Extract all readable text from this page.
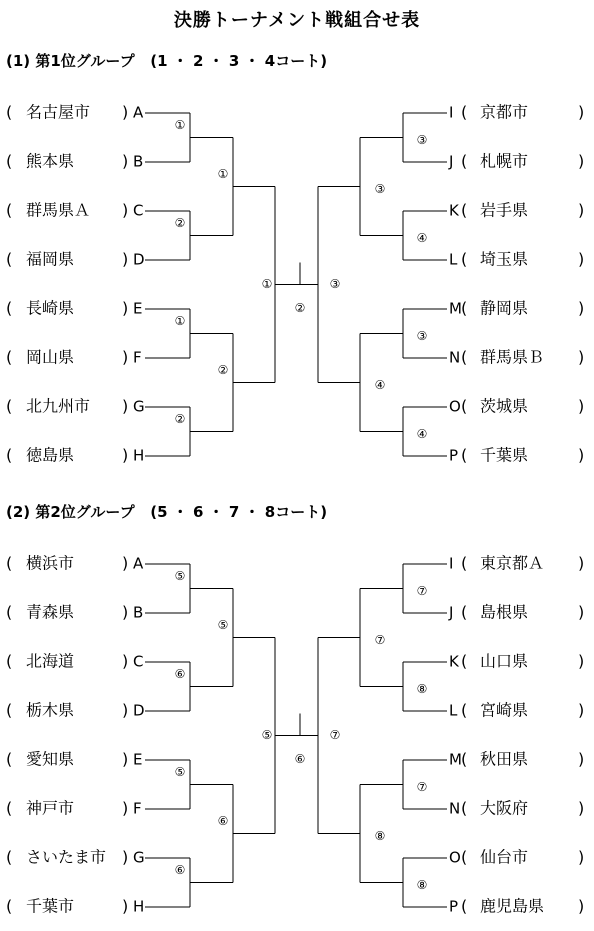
決勝トーナメント戦組合せ表
(1) 第1位グループ (1 ・ 2 ・ 3 ・ 4コート)
(2) 第2位グループ (5 ・ 6 ・ 7 ・ 8コート)
( 名古屋市 ) A
( 熊本県	) B
( 群馬県Ａ ) C
( 福岡県	) D
( 長崎県	) E
( 岡山県	) F
( 北九州市 ) G
( 徳島県	) H
I ( 京都市	)
J ( 札幌市	)
K ( 岩手県	)
L ( 埼玉県	)
M ( 静岡県	)
N ( 群馬県Ｂ )
O ( 茨城県	)
P ( 千葉県	)
①
②
①
②
①
②
①
③
④
③
④
③
④
③
②
( 横浜市	) A
( 青森県	) B
( 北海道	) C
( 栃木県	) D
( 愛知県	) E
( 神戸市	) F
( さいたま市 ) G
( 千葉市	) H
I ( 東京都Ａ )
J ( 島根県	)
K ( 山口県	)
L ( 宮崎県	)
M ( 秋田県	)
N ( 大阪府	)
O ( 仙台市	)
P ( 鹿児島県 )
⑤
⑥
⑤
⑥
⑤
⑥
⑤
⑦
⑧
⑦
⑧
⑦
⑧
⑦
⑥
